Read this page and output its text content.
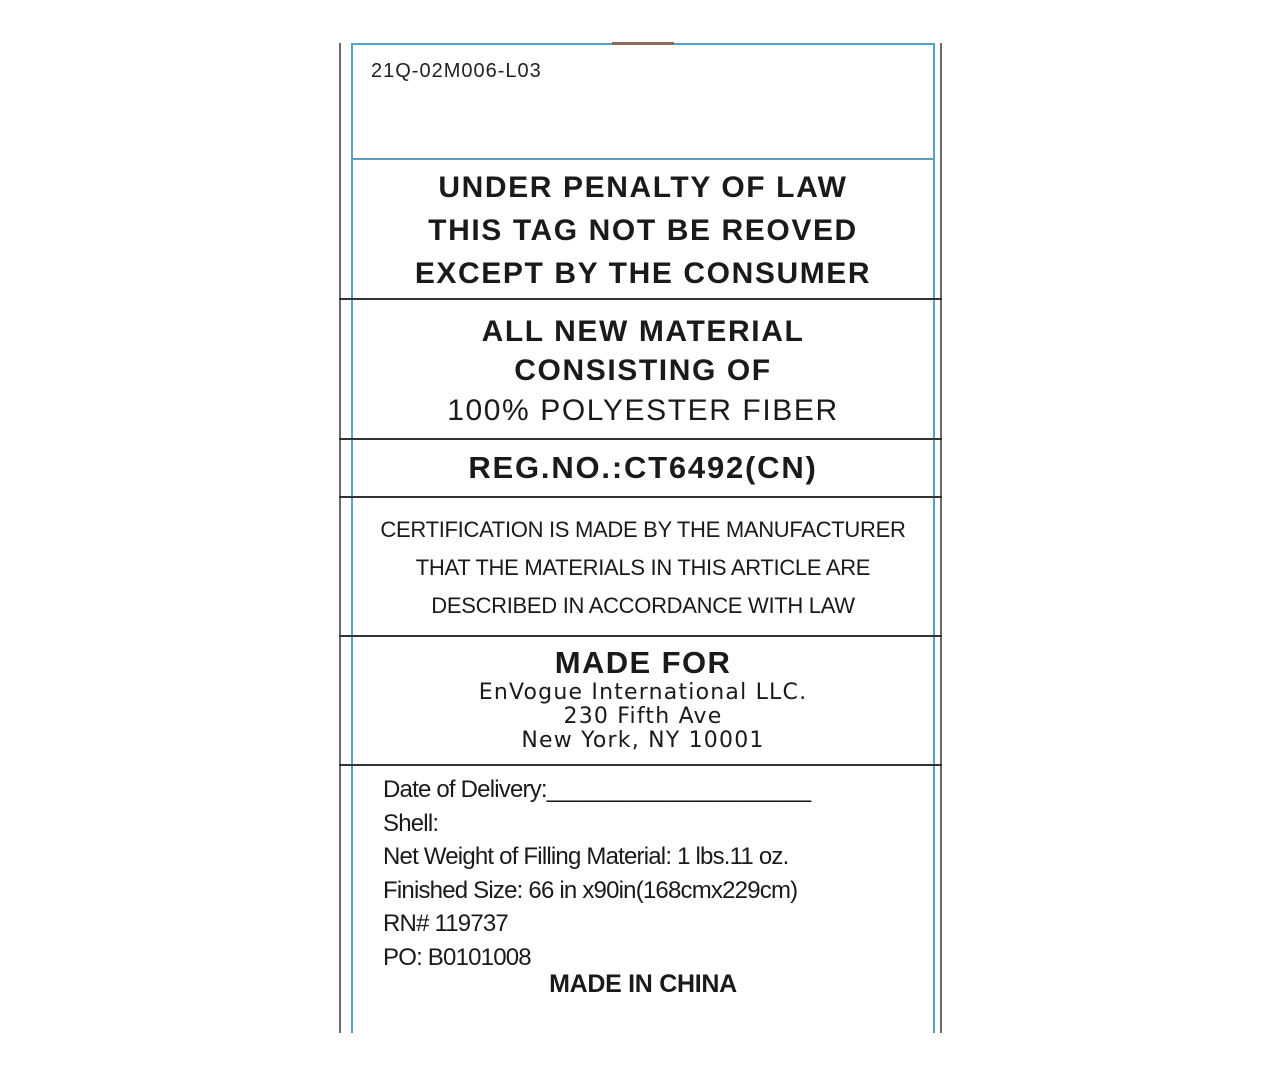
21Q-02M006-L03
UNDER PENALTY OF LAW
THIS TAG NOT BE REOVED
EXCEPT BY THE CONSUMER
ALL NEW MATERIAL
CONSISTING OF
100% POLYESTER FIBER
REG.NO.:CT6492(CN)
CERTIFICATION IS MADE BY THE MANUFACTURER
THAT THE MATERIALS IN THIS ARTICLE ARE
DESCRIBED IN ACCORDANCE WITH LAW
MADE FOR
EnVogue International LLC.
230 Fifth Ave
New York, NY 10001
Date of Delivery:_____________________
Shell:
Net Weight of Filling Material: 1 lbs.11 oz.
Finished Size: 66 in x90in(168cmx229cm)
RN# 119737
PO: B0101008
MADE IN CHINA
